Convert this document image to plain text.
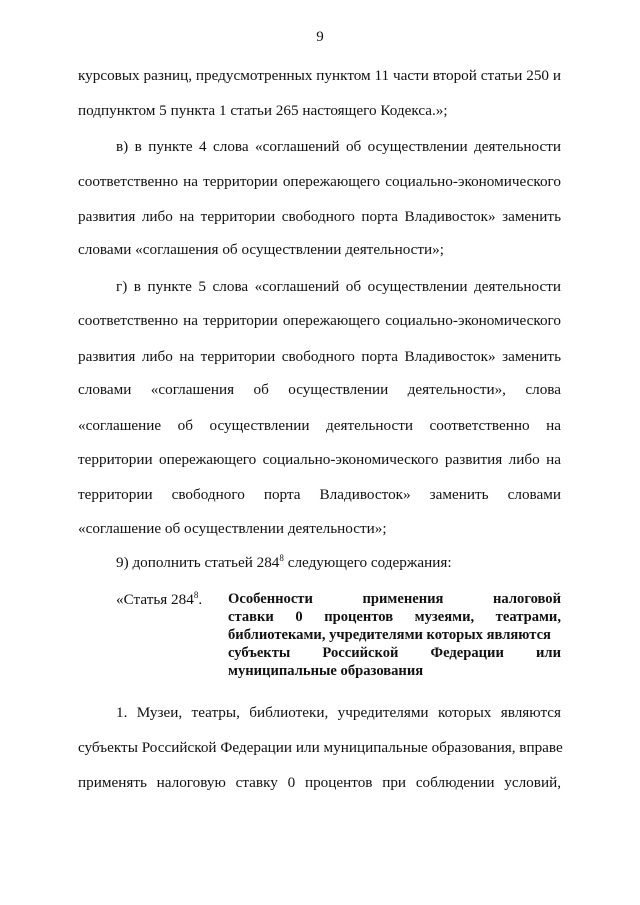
9
курсовых разниц, предусмотренных пунктом 11 части второй статьи 250 и
подпунктом 5 пункта 1 статьи 265 настоящего Кодекса.»;
в) в пункте 4 слова «соглашений об осуществлении деятельности
соответственно на территории опережающего социально-экономического
развития либо на территории свободного порта Владивосток» заменить
словами «соглашения об осуществлении деятельности»;
г) в пункте 5 слова «соглашений об осуществлении деятельности
соответственно на территории опережающего социально-экономического
развития либо на территории свободного порта Владивосток» заменить
словами «соглашения об осуществлении деятельности», слова
«соглашение об осуществлении деятельности соответственно на
территории опережающего социально-экономического развития либо на
территории свободного порта Владивосток» заменить словами
«соглашение об осуществлении деятельности»;
9) дополнить статьей $284^8$ следующего содержания:
«Статья $284^8$. Особенности применения налоговой
ставки 0 процентов музеями, театрами,
библиотеками, учредителями которых являются
субъекты Российской Федерации или
муниципальные образования
1. Музеи, театры, библиотеки, учредителями которых являются
субъекты Российской Федерации или муниципальные образования, вправе
применять налоговую ставку 0 процентов при соблюдении условий,
